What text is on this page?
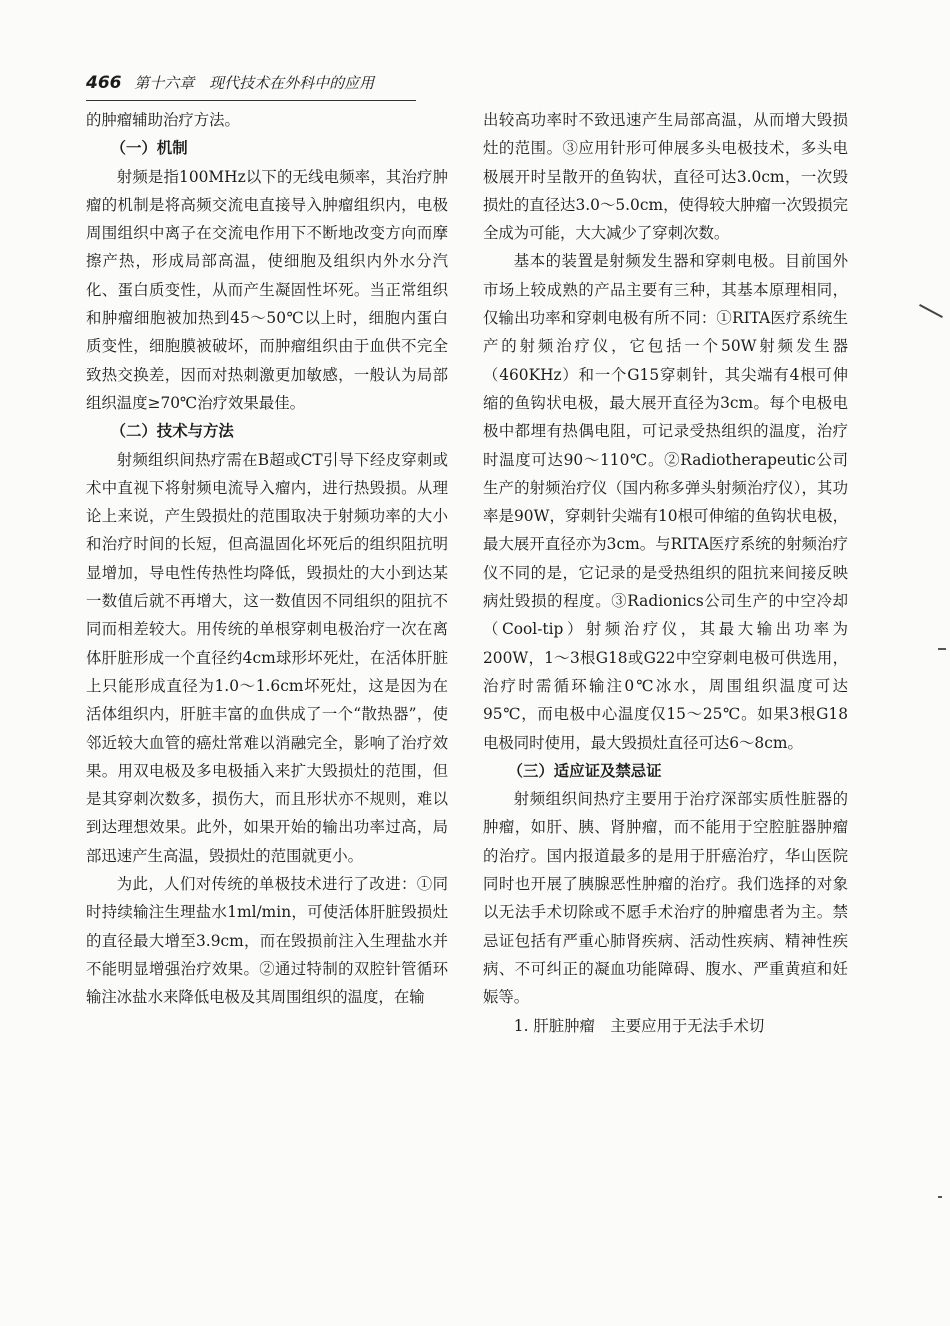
466 第十六章 现代技术在外科中的应用

的肿瘤辅助治疗方法。

（一）机制

射频是指100MHz以下的无线电频率，其治疗肿瘤的机制是将高频交流电直接导入肿瘤组织内，电极周围组织中离子在交流电作用下不断地改变方向而摩擦产热，形成局部高温，使细胞及组织内外水分汽化、蛋白质变性，从而产生凝固性坏死。当正常组织和肿瘤细胞被加热到45～50℃以上时，细胞内蛋白质变性，细胞膜被破坏，而肿瘤组织由于血供不完全致热交换差，因而对热刺激更加敏感，一般认为局部组织温度≥70℃治疗效果最佳。

（二）技术与方法

射频组织间热疗需在B超或CT引导下经皮穿刺或术中直视下将射频电流导入瘤内，进行热毁损。从理论上来说，产生毁损灶的范围取决于射频功率的大小和治疗时间的长短，但高温固化坏死后的组织阻抗明显增加，导电性传热性均降低，毁损灶的大小到达某一数值后就不再增大，这一数值因不同组织的阻抗不同而相差较大。用传统的单根穿刺电极治疗一次在离体肝脏形成一个直径约4cm球形坏死灶，在活体肝脏上只能形成直径为1.0～1.6cm坏死灶，这是因为在活体组织内，肝脏丰富的血供成了一个“散热器”，使邻近较大血管的癌灶常难以消融完全，影响了治疗效果。用双电极及多电极插入来扩大毁损灶的范围，但是其穿刺次数多，损伤大，而且形状亦不规则，难以到达理想效果。此外，如果开始的输出功率过高，局部迅速产生高温，毁损灶的范围就更小。

为此，人们对传统的单极技术进行了改进：①同时持续输注生理盐水1ml/min，可使活体肝脏毁损灶的直径最大增至3.9cm，而在毁损前注入生理盐水并不能明显增强治疗效果。②通过特制的双腔针管循环输注冰盐水来降低电极及其周围组织的温度，在输

出较高功率时不致迅速产生局部高温，从而增大毁损灶的范围。③应用针形可伸展多头电极技术，多头电极展开时呈散开的鱼钩状，直径可达3.0cm，一次毁损灶的直径达3.0～5.0cm，使得较大肿瘤一次毁损完全成为可能，大大减少了穿刺次数。

基本的装置是射频发生器和穿刺电极。目前国外市场上较成熟的产品主要有三种，其基本原理相同，仅输出功率和穿刺电极有所不同：①RITA医疗系统生产的射频治疗仪，它包括一个50W射频发生器（460KHz）和一个G15穿刺针，其尖端有4根可伸缩的鱼钩状电极，最大展开直径为3cm。每个电极电极中都埋有热偶电阻，可记录受热组织的温度，治疗时温度可达90～110℃。②Radiotherapeutic公司生产的射频治疗仪（国内称多弹头射频治疗仪），其功率是90W，穿刺针尖端有10根可伸缩的鱼钩状电极，最大展开直径亦为3cm。与RITA医疗系统的射频治疗仪不同的是，它记录的是受热组织的阻抗来间接反映病灶毁损的程度。③Radionics公司生产的中空冷却（Cool-tip）射频治疗仪，其最大输出功率为200W，1～3根G18或G22中空穿刺电极可供选用，治疗时需循环输注0℃冰水，周围组织温度可达95℃，而电极中心温度仅15～25℃。如果3根G18电极同时使用，最大毁损灶直径可达6～8cm。

（三）适应证及禁忌证

射频组织间热疗主要用于治疗深部实质性脏器的肿瘤，如肝、胰、肾肿瘤，而不能用于空腔脏器肿瘤的治疗。国内报道最多的是用于肝癌治疗，华山医院同时也开展了胰腺恶性肿瘤的治疗。我们选择的对象以无法手术切除或不愿手术治疗的肿瘤患者为主。禁忌证包括有严重心肺肾疾病、活动性疾病、精神性疾病、不可纠正的凝血功能障碍、腹水、严重黄疸和妊娠等。

1. 肝脏肿瘤　主要应用于无法手术切
